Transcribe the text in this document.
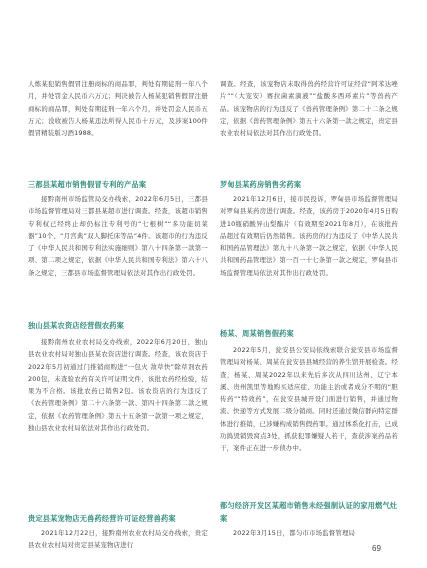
人炼某犯销售假冒注册商标的商品罪，判处有期徒刑一年八个月，并处罚金人民币六万元；判决被告人杨某犯销售假冒注册商标的商品罪，判处有期徒刑一年六个月，并处罚金人民币五万元；没收被告人杨某违法所得人民币十万元，及涉案100件假冒精装版习酒1988。

三都县某超市销售假冒专利的产品案

接黔南州市场监管局交办线索，2022年6月5日，三都县市场监督管理局对三都县某超市进行调查。经查，该超市销售专利权已经终止却仍标注专利号的“七根树”“多功能切菜器”10个、“月宫典”双人脚托床等品”4件。该超市的行为违反了《中华人民共和国专利法实施细则》第八十四条第一款第一项、第二项之规定，依据《中华人民共和国专利法》第六十八条之规定，三都县市场监督管理局依法对其作出行政处罚。

独山县某农资店经营假农药案

接黔南州农业农村局交办线索，2022年6月20日，独山县农业农村局对独山县某农资店进行调查。经查，该农资店于2022年5月初通过门推销商购进“一包火 敌草快”除草剂农药200包，未查验农药有关许可证明文件，该批农药经检验，结果为不合格。该批农药已销售2包。该农资店的行为违反了《农药管理条例》第二十六条第一款、第四十四条第二款之规定，依据《农药管理条例》第五十五条第一款第一项之规定，独山县农业农村局依法对其作出行政处罚。

贵定县某宠物店无兽药经营许可证经营兽药案

2021年12月22日，接黔南州农业农村局交办线索，贵定县农业农村局对贵定县某宠物店进行

调查。经查，该宠物店未取得兽药经营许可证经营“阿苯达唑片”“（大宠安）赛拉菌素滴液”“盐酸多西环素片”等兽药产品。该宠物店的行为违反了《兽药管理条例》第二十二条之规定，依据《兽药管理条例》第五十六条第一款之规定，贵定县农业农村局依法对其作出行政处罚。

罗甸县某药房销售劣药案

2021年12月6日，接市民投诉，罗甸县市场监督管理局对罗甸县某药房进行调查。经查，该药房于2020年4月5日购进10瓶硝酸异山梨酯片（有效期至2021年8月），在该批药品超过有效期后仍然销售。该药房的行为违反了《中华人民共和国药品管理法》第九十八条第一款之规定，依据《中华人民共和国药品管理法》第一百一十七条第一款之规定，罗甸县市场监督管理局依法对其作出行政处罚。

杨某、周某销售假药案

2022年5月，瓮安县公安局依线索联合瓮安县市场监督管理局对杨某、周某在瓮安县县城经营的养生馆开展检查。经查，杨某、周某2022年以来先后多次从四川达州、辽宁本溪、贵州凯里等地购买适应症、功能主治或者成分不明的“胆传药”“特效药”，在瓮安县城开设门面进行销售，并通过物流、快递等方式发展二级分销商。同时还通过微信群向特定群体进行推销，已涉嫌构成销售假药罪。通过体系化打击，已成功捣毁销毁窝点3处，抓获犯罪嫌疑人若干，查获涉案药品若干，案件正在进一步侦办中。

都匀经济开发区某超市销售未经强制认证的家用燃气灶案

2022年3月15日，都匀市市场监督管理局

69
